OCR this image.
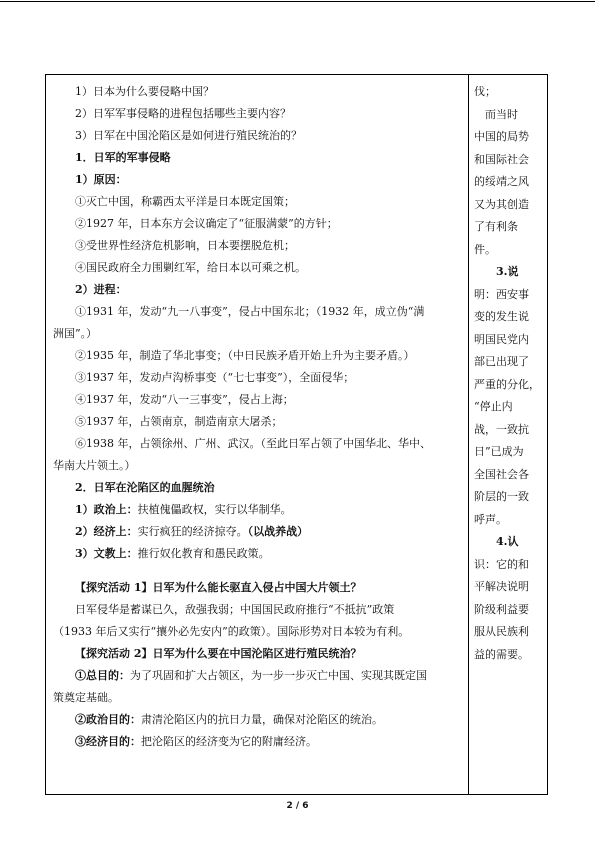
1）日本为什么要侵略中国？
2）日军军事侵略的进程包括哪些主要内容？
3）日军在中国沦陷区是如何进行殖民统治的？
1．日军的军事侵略
1）原因：
①灭亡中国，称霸西太平洋是日本既定国策；
②1927 年，日本东方会议确定了“征服满蒙”的方针；
③受世界性经济危机影响，日本要摆脱危机；
④国民政府全力围剿红军，给日本以可乘之机。
2）进程：
①1931 年，发动“九一八事变”，侵占中国东北；（1932 年，成立伪“满
洲国”。）
②1935 年，制造了华北事变；（中日民族矛盾开始上升为主要矛盾。）
③1937 年，发动卢沟桥事变（“七七事变”），全面侵华；
④1937 年，发动“八一三事变”，侵占上海；
⑤1937 年，占领南京，制造南京大屠杀；
⑥1938 年，占领徐州、广州、武汉。（至此日军占领了中国华北、华中、
华南大片领土。）
2．日军在沦陷区的血腥统治
1）政治上：扶植傀儡政权，实行以华制华。
2）经济上：实行疯狂的经济掠夺。（以战养战）
3）文教上：推行奴化教育和愚民政策。
【探究活动 1】日军为什么能长驱直入侵占中国大片领土？
日军侵华是蓄谋已久，敌强我弱；中国国民政府推行“不抵抗”政策
（1933 年后又实行“攘外必先安内”的政策）。国际形势对日本较为有利。
【探究活动 2】日军为什么要在中国沦陷区进行殖民统治？
①总目的：为了巩固和扩大占领区，为一步一步灭亡中国、实现其既定国
策奠定基础。
②政治目的：肃清沦陷区内的抗日力量，确保对沦陷区的统治。
③经济目的：把沦陷区的经济变为它的附庸经济。
伐；
　而当时
中国的局势
和国际社会
的绥靖之风
又为其创造
了有利条
件。
　　3.说
明：西安事
变的发生说
明国民党内
部已出现了
严重的分化，
“停止内
战，一致抗
日”已成为
全国社会各
阶层的一致
呼声。
　　4.认
识：它的和
平解决说明
阶级利益要
服从民族利
益的需要。
2 / 6
